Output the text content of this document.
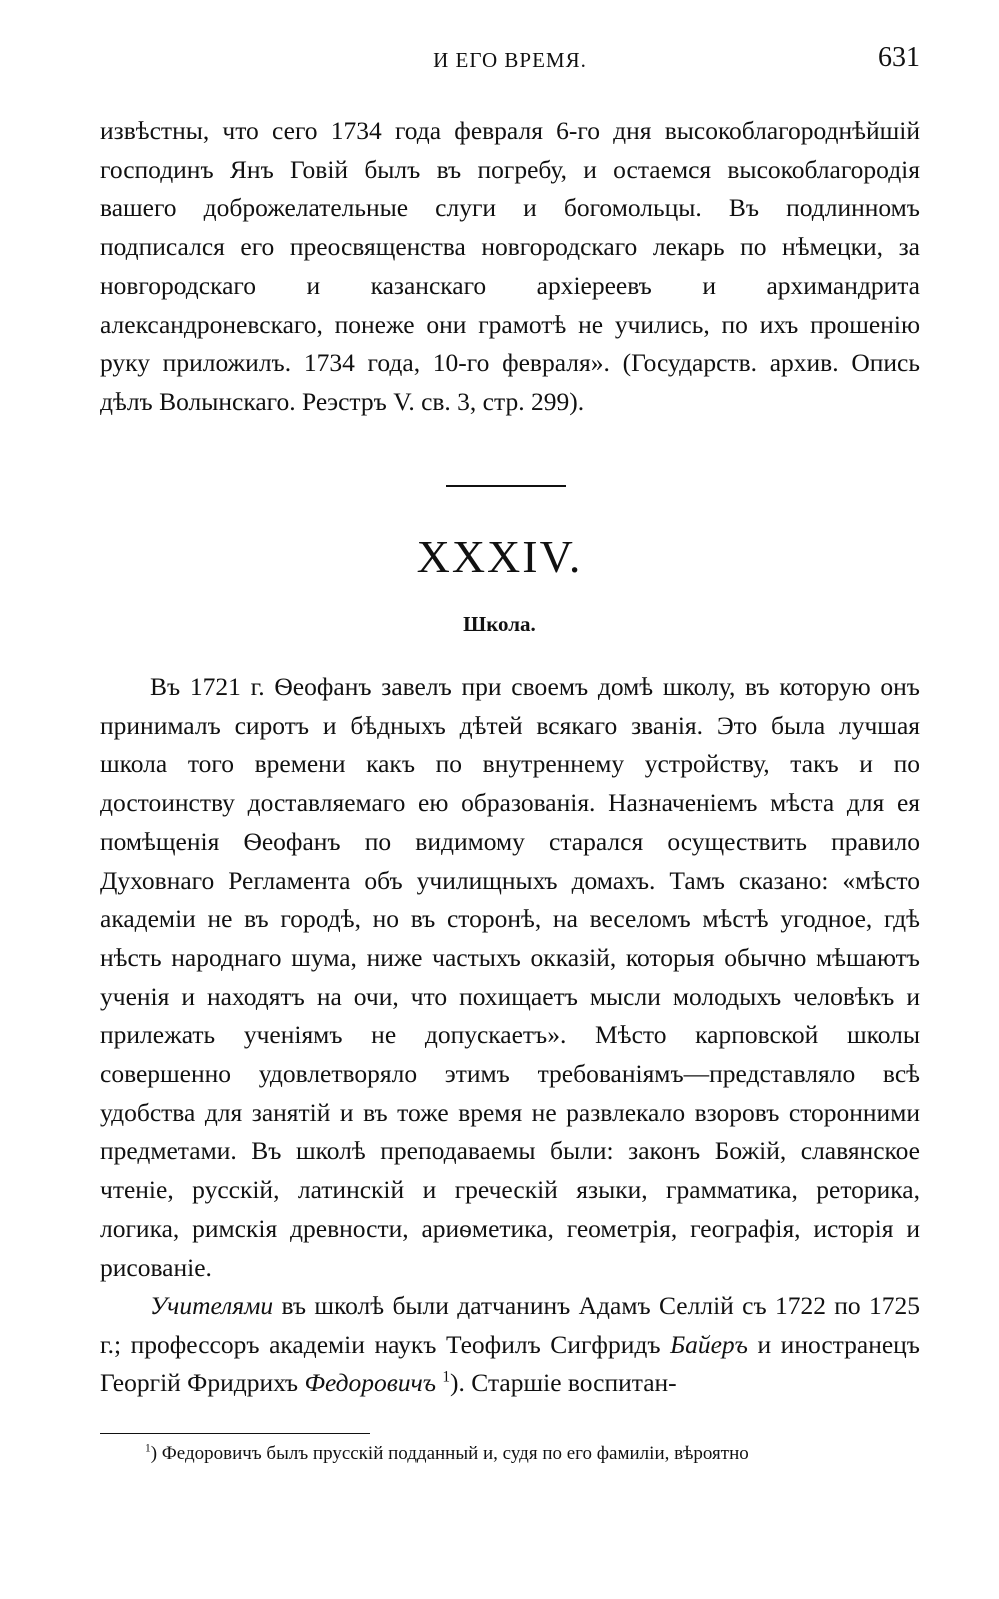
И ЕГО ВРЕМЯ.	631

извѣстны, что сего 1734 года февраля 6-го дня высокоблагороднѣйшій господинъ Янъ Говій былъ въ погребу, и остаемся высокоблагородія вашего доброжелательные слуги и богомольцы. Въ подлинномъ подписался его преосвященства новгородскаго лекарь по нѣмецки, за новгородскаго и казанскаго архіереевъ и архимандрита александроневскаго, понеже они грамотѣ не учились, по ихъ прошенію руку приложилъ. 1734 года, 10-го февраля». (Государств. архив. Опись дѣлъ Волынскаго. Реэстръ V. св. 3, стр. 299).

XXXIV.
Школа.

Въ 1721 г. Ѳеофанъ завелъ при своемъ домѣ школу, въ которую онъ принималъ сиротъ и бѣдныхъ дѣтей всякаго званія. Это была лучшая школа того времени какъ по внутреннему устройству, такъ и по достоинству доставляемаго ею образованія. Назначеніемъ мѣста для ея помѣщенія Ѳеофанъ по видимому старался осуществить правило Духовнаго Регламента объ училищныхъ домахъ. Тамъ сказано: «мѣсто академіи не въ городѣ, но въ сторонѣ, на веселомъ мѣстѣ угодное, гдѣ нѣсть народнаго шума, ниже частыхъ окказій, которыя обычно мѣшаютъ ученія и находятъ на очи, что похищаетъ мысли молодыхъ человѣкъ и прилежать ученіямъ не допускаетъ». Мѣсто карповской школы совершенно удовлетворяло этимъ требованіямъ—представляло всѣ удобства для занятій и въ тоже время не развлекало взоровъ сторонними предметами. Въ школѣ преподаваемы были: законъ Божій, славянское чтеніе, русскій, латинскій и греческій языки, грамматика, реторика, логика, римскія древности, ариѳметика, геометрія, географія, исторія и рисованіе.

Учителями въ школѣ были датчанинъ Адамъ Селлій съ 1722 по 1725 г.; профессоръ академіи наукъ Теофилъ Сигфридъ Байеръ и иностранецъ Георгій Фридрихъ Федоровичъ $^1$). Старшіе воспитан-

$^1$) Федоровичъ былъ прусскій подданный и, судя по его фамиліи, вѣроятно
